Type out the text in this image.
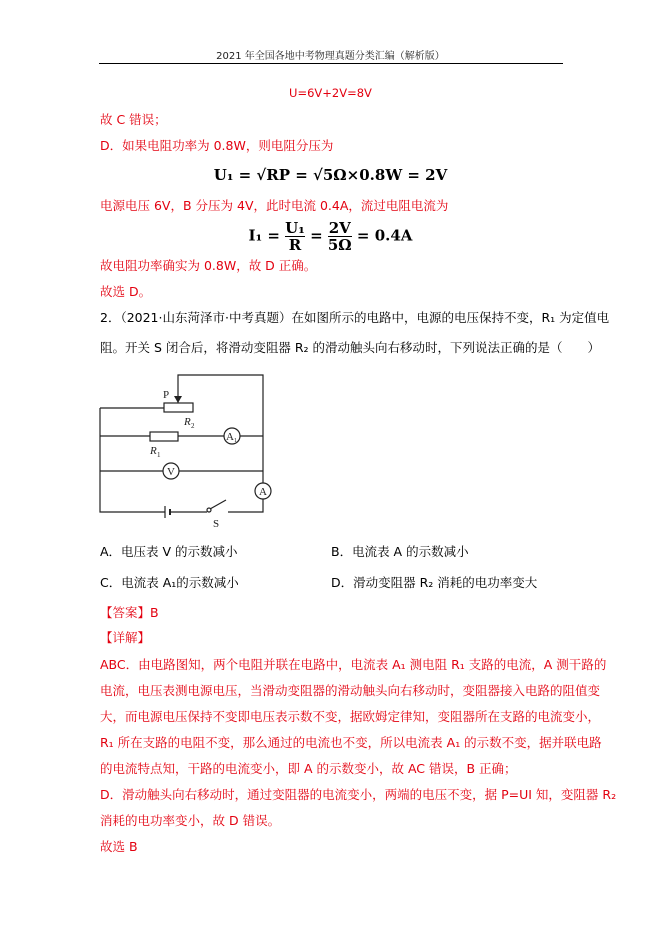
2021 年全国各地中考物理真题分类汇编（解析版）
U=6V+2V=8V
故 C 错误；
D．如果电阻功率为 0.8W，则电阻分压为
U₁ = √RP = √5Ω×0.8W = 2V
电源电压 6V，B 分压为 4V，此时电流 0.4A，流过电阻电流为
$I_1 = \frac{\text{U₁}}{R} = \frac{2V}{5\Omega} = 0.4A$
故电阻功率确实为 0.8W，故 D 正确。
故选 D。
2．（2021·山东菏泽市·中考真题）在如图所示的电路中，电源的电压保持不变，R₁ 为定值电
阻。开关 S 闭合后，将滑动变阻器 R₂ 的滑动触头向右移动时，下列说法正确的是（　　）
P
R 2
R 1
A 1
V
A
S
A．电压表 V 的示数减小	B．电流表 A 的示数减小
C．电流表 A₁的示数减小	D．滑动变阻器 R₂ 消耗的电功率变大
【答案】B
【详解】
ABC．由电路图知，两个电阻并联在电路中，电流表 A₁ 测电阻 R₁ 支路的电流，A 测干路的
电流，电压表测电源电压，当滑动变阻器的滑动触头向右移动时，变阻器接入电路的阻值变
大，而电源电压保持不变即电压表示数不变，据欧姆定律知，变阻器所在支路的电流变小，
R₁ 所在支路的电阻不变，那么通过的电流也不变，所以电流表 A₁ 的示数不变，据并联电路
的电流特点知，干路的电流变小，即 A 的示数变小，故 AC 错误，B 正确；
D．滑动触头向右移动时，通过变阻器的电流变小，两端的电压不变，据 P=UI 知，变阻器 R₂
消耗的电功率变小，故 D 错误。
故选 B
